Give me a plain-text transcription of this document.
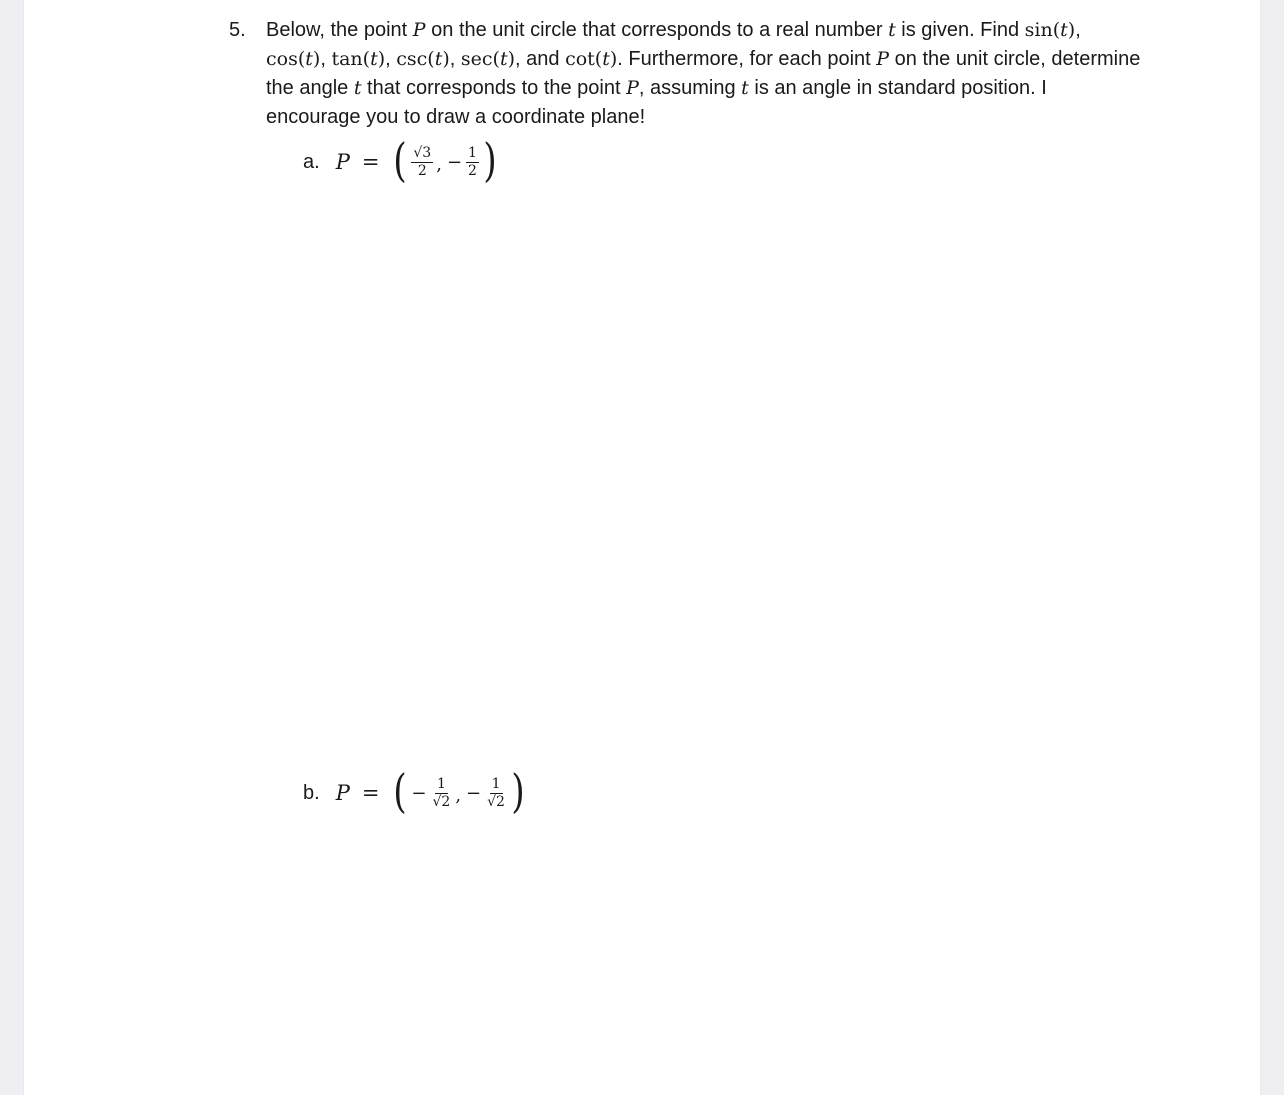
5. Below, the point P on the unit circle that corresponds to a real number t is given. Find sin(t), cos(t), tan(t), csc(t), sec(t), and cot(t). Furthermore, for each point P on the unit circle, determine the angle t that corresponds to the point P, assuming t is an angle in standard position. I encourage you to draw a coordinate plane!
a. P = ( $\frac{√3}{2}$ , − $\frac{1}{2}$ )
b. P = ( − $\frac{1}{√2}$ , − $\frac{1}{√2}$ )
